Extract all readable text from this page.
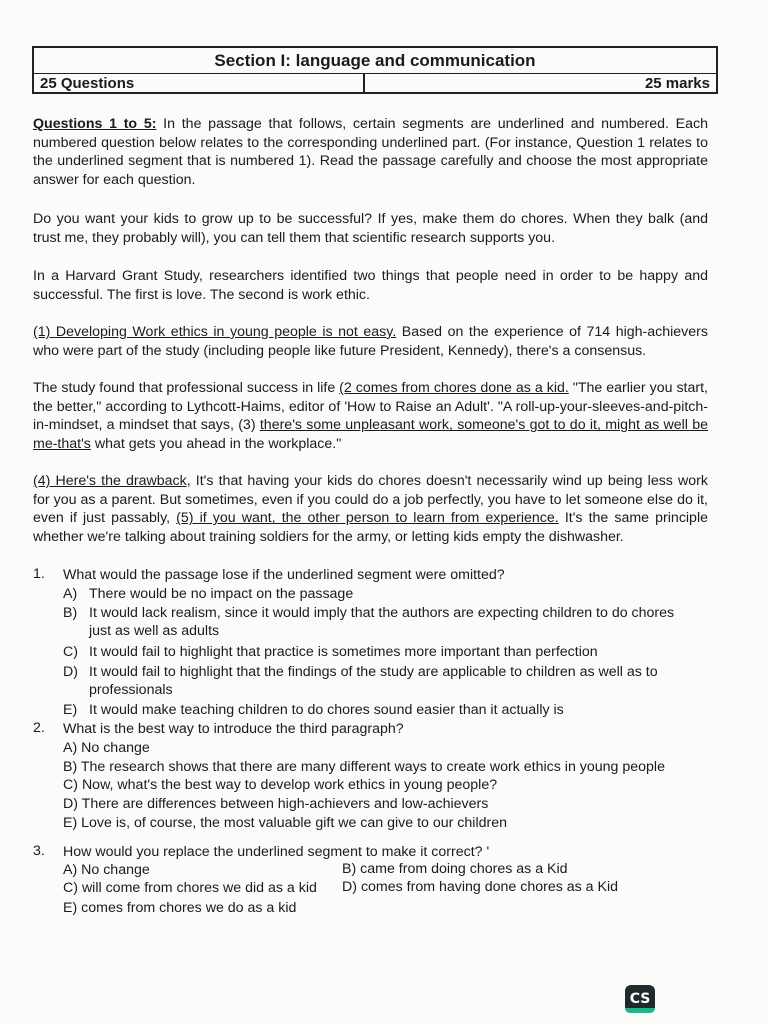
Section I: language and communication
25 Questions	25 marks
Questions 1 to 5: In the passage that follows, certain segments are underlined and numbered. Each numbered question below relates to the corresponding underlined part. (For instance, Question 1 relates to the underlined segment that is numbered 1). Read the passage carefully and choose the most appropriate answer for each question.
Do you want your kids to grow up to be successful? If yes, make them do chores. When they balk (and trust me, they probably will), you can tell them that scientific research supports you.
In a Harvard Grant Study, researchers identified two things that people need in order to be happy and successful. The first is love. The second is work ethic.
(1) Developing Work ethics in young people is not easy. Based on the experience of 714 high-achievers who were part of the study (including people like future President, Kennedy), there's a consensus.
The study found that professional success in life (2 comes from chores done as a kid. "The earlier you start, the better," according to Lythcott-Haims, editor of 'How to Raise an Adult'. "A roll-up-your-sleeves-and-pitch-in-mindset, a mindset that says, (3) there's some unpleasant work, someone's got to do it, might as well be me-that's what gets you ahead in the workplace."
(4) Here's the drawback, It's that having your kids do chores doesn't necessarily wind up being less work for you as a parent. But sometimes, even if you could do a job perfectly, you have to let someone else do it, even if just passably, (5) if you want, the other person to learn from experience. It's the same principle whether we're talking about training soldiers for the army, or letting kids empty the dishwasher.
1. What would the passage lose if the underlined segment were omitted?
A) There would be no impact on the passage
B) It would lack realism, since it would imply that the authors are expecting children to do chores
just as well as adults
C) It would fail to highlight that practice is sometimes more important than perfection
D) It would fail to highlight that the findings of the study are applicable to children as well as to
professionals
E) It would make teaching children to do chores sound easier than it actually is
2. What is the best way to introduce the third paragraph?
A) No change
B) The research shows that there are many different ways to create work ethics in young people
C) Now, what's the best way to develop work ethics in young people?
D) There are differences between high-achievers and low-achievers
E) Love is, of course, the most valuable gift we can give to our children
3. How would you replace the underlined segment to make it correct? '
A) No change	B) came from doing chores as a Kid
C) will come from chores we did as a kid	D) comes from having done chores as a Kid
E) comes from chores we do as a kid
CS
